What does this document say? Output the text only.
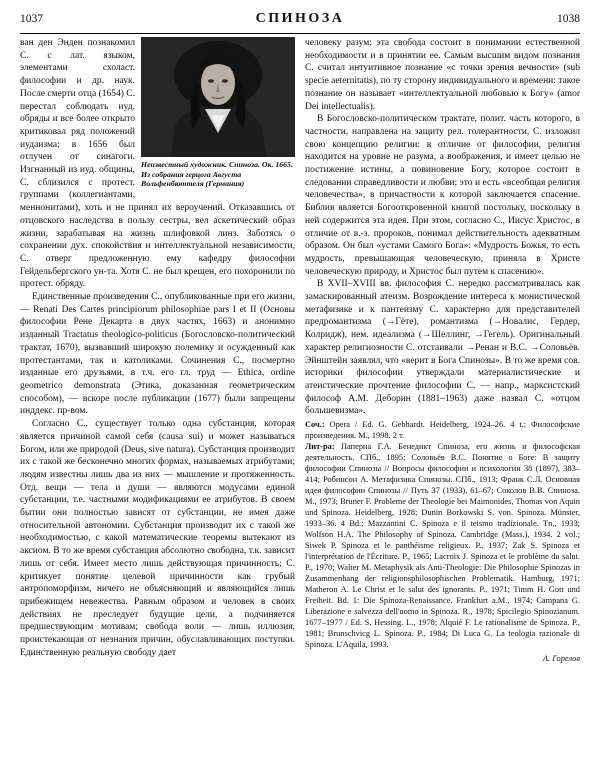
1037	СПИНОЗА	1038
Неизвестный художник. Спиноза. Ок. 1665. Из собрания герцога Августа Вольфенбюттеля (Германия)

ван ден Энден познакомил С. с лат. языком, элементами схоласт. философии и др. наук. После смерти отца (1654) С. перестал соблюдать иуд. обряды и все более открыто критиковал ряд положений иудаизма; в 1656 был отлучен от синагоги. Изгнанный из иуд. общины, С. сблизился с протест. группами (коллегиантами, меннонитами), хоть и не принял их вероучений. Отказавшись от отцовского наследства в пользу сестры, вел аскетический образ жизни, зарабатывая на жизнь шлифовкой линз. Заботясь о сохранении дух. спокойствия и интеллектуальной независимости, С. отверг предложенную ему кафедру философии Гейдельбергского ун-та. Хотя С. не был крещен, его похоронили по протест. обряду.

Единственные произведения С., опубликованные при его жизни, — Renati Des Cartes principiorum philosophiae pars I et II (Основы философии Рене Декарта в двух частях, 1663) и анонимно изданный Tractatus theologico-politicus (Богословско-политический трактат, 1670), вызвавший широкую полемику и осужденный как протестантами, так и католиками. Сочинения С., посмертно изданные его друзьями, в т.ч. его гл. труд — Ethica, ordine geometrico demonstrata (Этика, доказанная геометрическим способом), — вскоре после публикации (1677) были запрещены инддекс. пр-вом.

Согласно С., существует только одна субстанция, которая является причиной самой себя (causa sui) и может называться Богом, или же природой (Deus, sive natura). Субстанция производит их с такой же бесконечно многих формах, называемых атрибутами; людям известны лишь два из них — мышление и протяженность. Отд. вещи — тела и души — являются модусами единой субстанции, т.е. частными модификациями ее атрибутов. В своем бытии они полностью зависят от субстанции, не имея даже относительной автономии. Субстанция производит их с такой же необходимостью, с какой математические теоремы вытекают из аксиом. В то же время субстанция абсолютно свободна, т.к. зависит лишь от себя. Имеет место лишь действующая причинность; С. критикует понятие целевой причинности как грубый антропоморфизм, ничего не объясняющий и являющийся лишь прибежищем невежества. Равным образом и человек в своих действиях не преследует будущие цели, а подчиняется предшествующим мотивам; свобода воли — лишь иллюзия, проистекающая от незнания причин, обуславливающих поступки. Единственную реальную свободу дает

человеку разум: эта свобода состоит в понимании естественной необходимости и в принятии ее. Самым высшим видом познания С. считал интуитивное познание «с точки зрения вечности» (sub specie aeternitatis), по ту сторону индивидуального и времени: такое познание он называет «интеллектуальной любовью к Богу» (amor Dei intellectualis).

В Богословско-политическом трактате, полит. часть которого, в частности, направлена на защиту рел. толерантности, С. изложил свою концепцию религии: в отличие от философии, религия находится на уровне не разума, а воображения, и имеет целью не постижение истины, а повиновение Богу, которое состоит в следовании справедливости и любви; это и есть «всеобщая религия человечества», в причастности к которой заключается спасение. Библия является Богооткровенной книгой постольку, поскольку в ней содержится эта идея. При этом, согласно С., Иисус Христос, в отличие от в.-з. пророков, понимал действительность адекватным образом. Он был «устами Самого Бога»: «Мудрость Божья, то есть мудрость, превышающая человеческую, приняла в Христе человеческую природу, и Христос был путем к спасению».

В XVII–XVIII вв. философия С. нередко рассматривалась как замаскированный атеизм. Возрождение интереса к монистической метафизике и к пантеизму С. характерно для представителей предромантизма (→Гёте), романтизма (→Новалис, Гердер, Колридж), нем. идеализма (→Шеллинг, →Гегель). Оригинальный характер религиозности С. отстаивали →Ренан и В.С. →Соловьёв. Эйнштейн заявлял, что «верит в Бога Спинозы». В то же время сов. историки философии утверждали материалистические и атеистические прочтение философии С. — напр., марксистский философ А.М. Деборин (1881–1963) даже назвал С. «отцом большевизма».

Соч.: Opera / Ed. G. Gebhardt. Heidelberg, 1924–26. 4 t.; Философские произведения. М., 1998. 2 т.

Лит-ра: Паперна Г.А. Бенедикт Спиноза, его жизнь и философская деятельность. СПб., 1895; Соловьёв В.С. Понятие о Боге: В защиту философии Спинозы // Вопросы философии и психологии 38 (1897), 383–414; Робинсон А. Метафизика Спинозы. СПб., 1913; Франк С.Л. Основная идея философии Спинозы // Путь 37 (1933), 61–67; Соколов В.В. Спиноза. М., 1973; Bruner F. Probleme der Theologie bei Maimonides, Thomas von Aquin und Spinoza. Heidelberg, 1928; Dunin Borkowski S. von. Spinoza. Münster, 1933–36. 4 Bd.; Mazzantini C. Spinoza e il teismo tradizionale. Tn., 1933; Wolfson H.A. The Philosophy of Spinoza. Cambridge (Mass.), 1934. 2 vol.; Siwek P. Spinoza et le panthéisme religieux. P., 1937; Zak S. Spinoza et l'interprétation de l'Écriture. P., 1965; Lacroix J. Spinoza et le problème du salut. P., 1970; Walter M. Metaphysik als Anti-Theologie: Die Philosophie Spinozas in Zusammenhang der religionsphilosophischen Problematik. Hamburg, 1971; Matheron A. Le Christ et le salut des ignorants. P., 1971; Timm H. Gott und Freiheit. Bd. 1: Die Spinoza-Renaissance. Frankfurt a.M., 1974; Campana G. Liberazione e salvezza dell'uomo in Spinoza. R., 1978; Spicilegio Spinozianum. 1677–1977 / Ed. S. Hessing. L., 1978; Alquié F. Le rationalisme de Spinoza. P., 1981; Brunschvicg L. Spinoza. P., 1984; Di Luca G. La teologia razionale di Spinoza. L'Aquila, 1993.

А. Горелов
